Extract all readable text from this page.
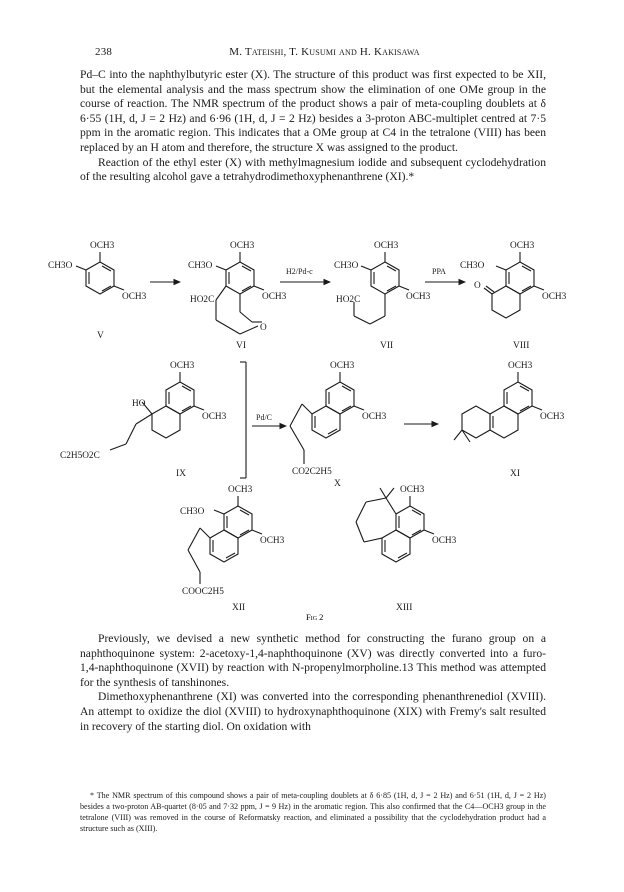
238	M. Tateishi, T. Kusumi and H. Kakisawa

Pd–C into the naphthylbutyric ester (X). The structure of this product was first expected to be XII, but the elemental analysis and the mass spectrum show the elimination of one OMe group in the course of reaction. The NMR spectrum of the product shows a pair of meta-coupling doublets at δ 6·55 (1H, d, J = 2 Hz) and 6·96 (1H, d, J = 2 Hz) besides a 3-proton ABC-multiplet centred at 7·5 ppm in the aromatic region. This indicates that a OMe group at C4 in the tetralone (VIII) has been replaced by an H atom and therefore, the structure X was assigned to the product.

Reaction of the ethyl ester (X) with methylmagnesium iodide and subsequent cyclodehydration of the resulting alcohol gave a tetrahydrodimethoxyphenanthrene (XI).*

OCH3
CH3O
OCH3
V
OCH3
CH3O
OCH3
HO2C
O
VI
H2/Pd-c
OCH3
CH3O
OCH3
HO2C
VII
PPA
OCH3
CH3O
OCH3
O
VIII
OCH3
OCH3
HO
C2H5O2C
IX
Pd/C
OCH3
OCH3
CO2C2H5
X
OCH3
OCH3
XI
OCH3
CH3O
OCH3
COOC2H5
XII
OCH3
OCH3
XIII
Fig 2

Previously, we devised a new synthetic method for constructing the furano group on a naphthoquinone system: 2-acetoxy-1,4-naphthoquinone (XV) was directly converted into a furo-1,4-naphthoquinone (XVII) by reaction with N-propenylmorpholine.13 This method was attempted for the synthesis of tanshinones.

Dimethoxyphenanthrene (XI) was converted into the corresponding phenanthrenediol (XVIII). An attempt to oxidize the diol (XVIII) to hydroxynaphthoquinone (XIX) with Fremy's salt resulted in recovery of the starting diol. On oxidation with

* The NMR spectrum of this compound shows a pair of meta-coupling doublets at δ 6·85 (1H, d, J = 2 Hz) and 6·51 (1H, d, J = 2 Hz) besides a two-proton AB-quartet (8·05 and 7·32 ppm, J = 9 Hz) in the aromatic region. This also confirmed that the C4—OCH3 group in the tetralone (VIII) was removed in the course of Reformatsky reaction, and eliminated a possibility that the cyclodehydration product had a structure such as (XIII).
